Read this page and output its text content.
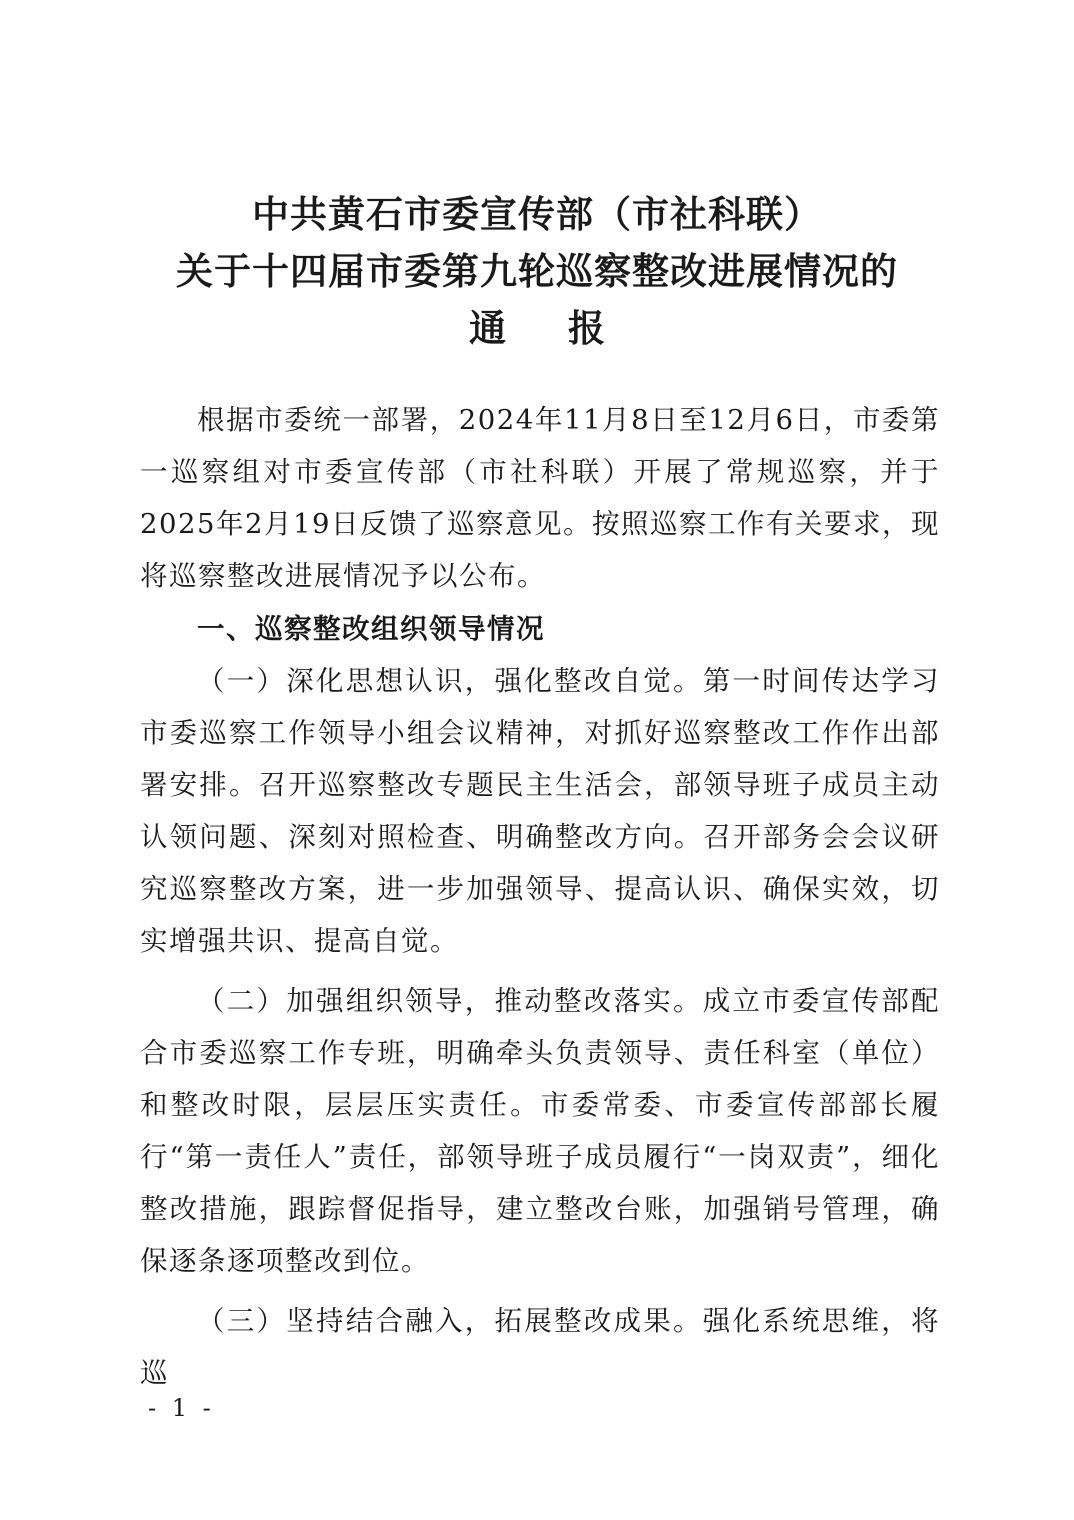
中共黄石市委宣传部（市社科联）
关于十四届市委第九轮巡察整改进展情况的
通报

根据市委统一部署，2024年11月8日至12月6日，市委第一巡察组对市委宣传部（市社科联）开展了常规巡察，并于2025年2月19日反馈了巡察意见。按照巡察工作有关要求，现将巡察整改进展情况予以公布。

一、巡察整改组织领导情况

（一）深化思想认识，强化整改自觉。第一时间传达学习市委巡察工作领导小组会议精神，对抓好巡察整改工作作出部署安排。召开巡察整改专题民主生活会，部领导班子成员主动认领问题、深刻对照检查、明确整改方向。召开部务会会议研究巡察整改方案，进一步加强领导、提高认识、确保实效，切实增强共识、提高自觉。

（二）加强组织领导，推动整改落实。成立市委宣传部配合市委巡察工作专班，明确牵头负责领导、责任科室（单位）和整改时限，层层压实责任。市委常委、市委宣传部部长履行“第一责任人”责任，部领导班子成员履行“一岗双责”，细化整改措施，跟踪督促指导，建立整改台账，加强销号管理，确保逐条逐项整改到位。

（三）坚持结合融入，拓展整改成果。强化系统思维，将巡

- 1 -
